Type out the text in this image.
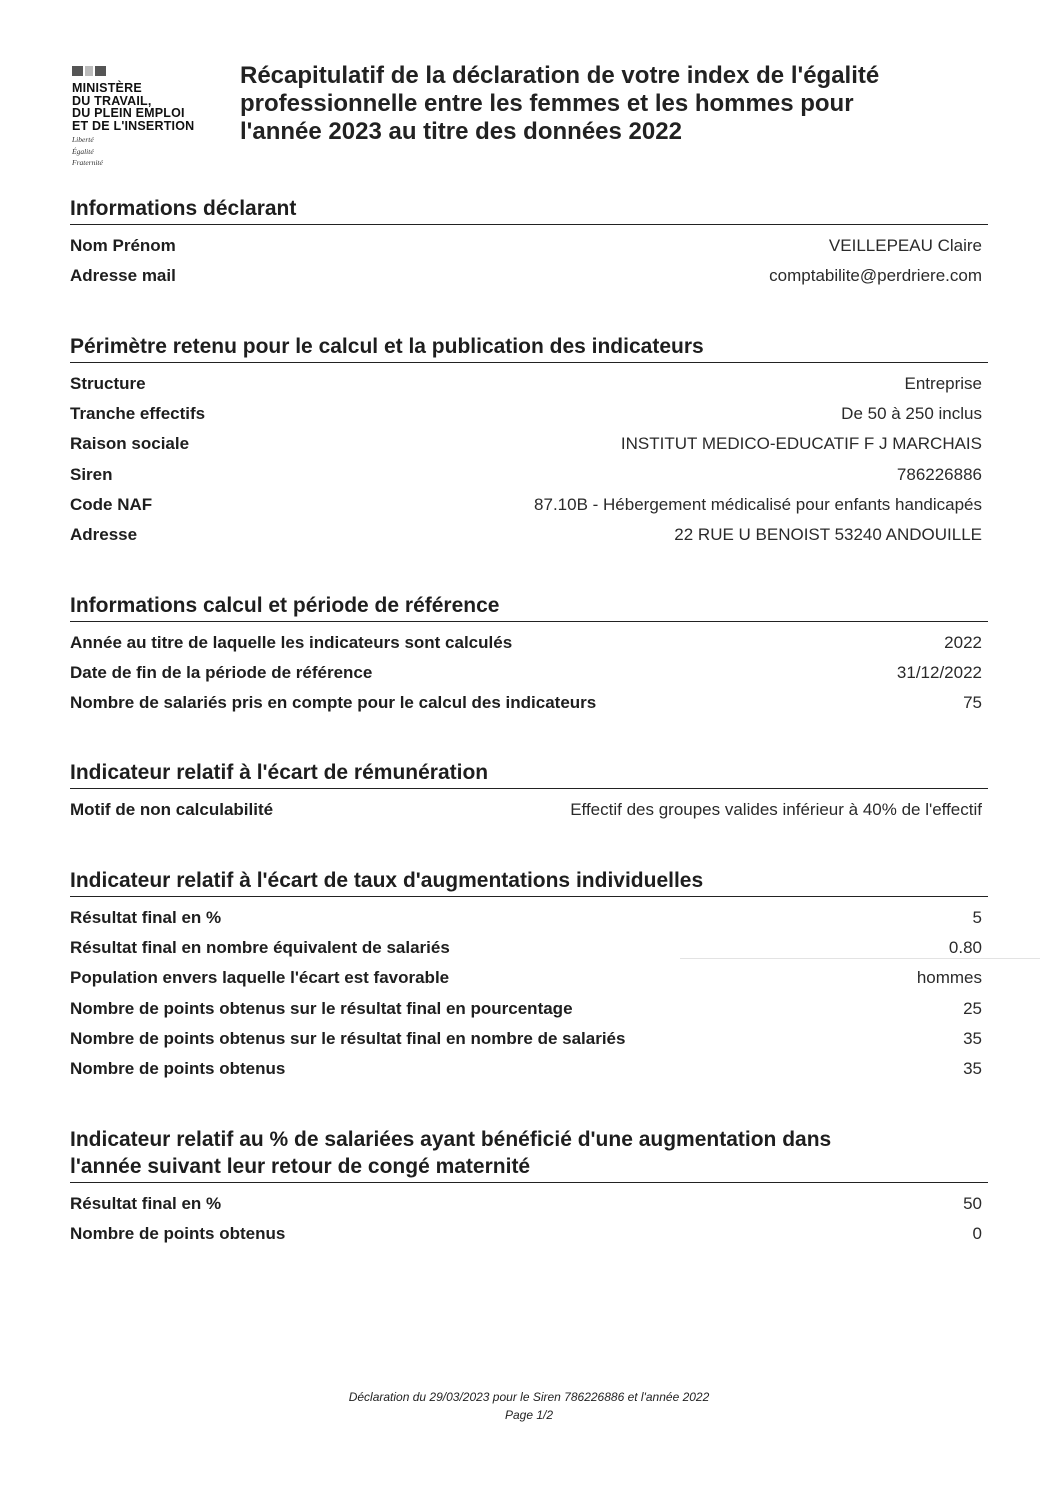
MINISTÈRE
DU TRAVAIL,
DU PLEIN EMPLOI
ET DE L'INSERTION
Liberté
Égalité
Fraternité
Récapitulatif de la déclaration de votre index de l'égalité
professionnelle entre les femmes et les hommes pour
l'année 2023 au titre des données 2022
Informations déclarant
Nom Prénom	VEILLEPEAU Claire
Adresse mail	comptabilite@perdriere.com
Périmètre retenu pour le calcul et la publication des indicateurs
Structure	Entreprise
Tranche effectifs	De 50 à 250 inclus
Raison sociale	INSTITUT MEDICO-EDUCATIF F J MARCHAIS
Siren	786226886
Code NAF	87.10B - Hébergement médicalisé pour enfants handicapés
Adresse	22 RUE U BENOIST 53240 ANDOUILLE
Informations calcul et période de référence
Année au titre de laquelle les indicateurs sont calculés	2022
Date de fin de la période de référence	31/12/2022
Nombre de salariés pris en compte pour le calcul des indicateurs	75
Indicateur relatif à l'écart de rémunération
Motif de non calculabilité	Effectif des groupes valides inférieur à 40% de l'effectif
Indicateur relatif à l'écart de taux d'augmentations individuelles
Résultat final en %	5
Résultat final en nombre équivalent de salariés	0.80
Population envers laquelle l'écart est favorable	hommes
Nombre de points obtenus sur le résultat final en pourcentage	25
Nombre de points obtenus sur le résultat final en nombre de salariés	35
Nombre de points obtenus	35
Indicateur relatif au % de salariées ayant bénéficié d'une augmentation dans
l'année suivant leur retour de congé maternité
Résultat final en %	50
Nombre de points obtenus	0
Déclaration du 29/03/2023 pour le Siren 786226886 et l'année 2022
Page 1/2
